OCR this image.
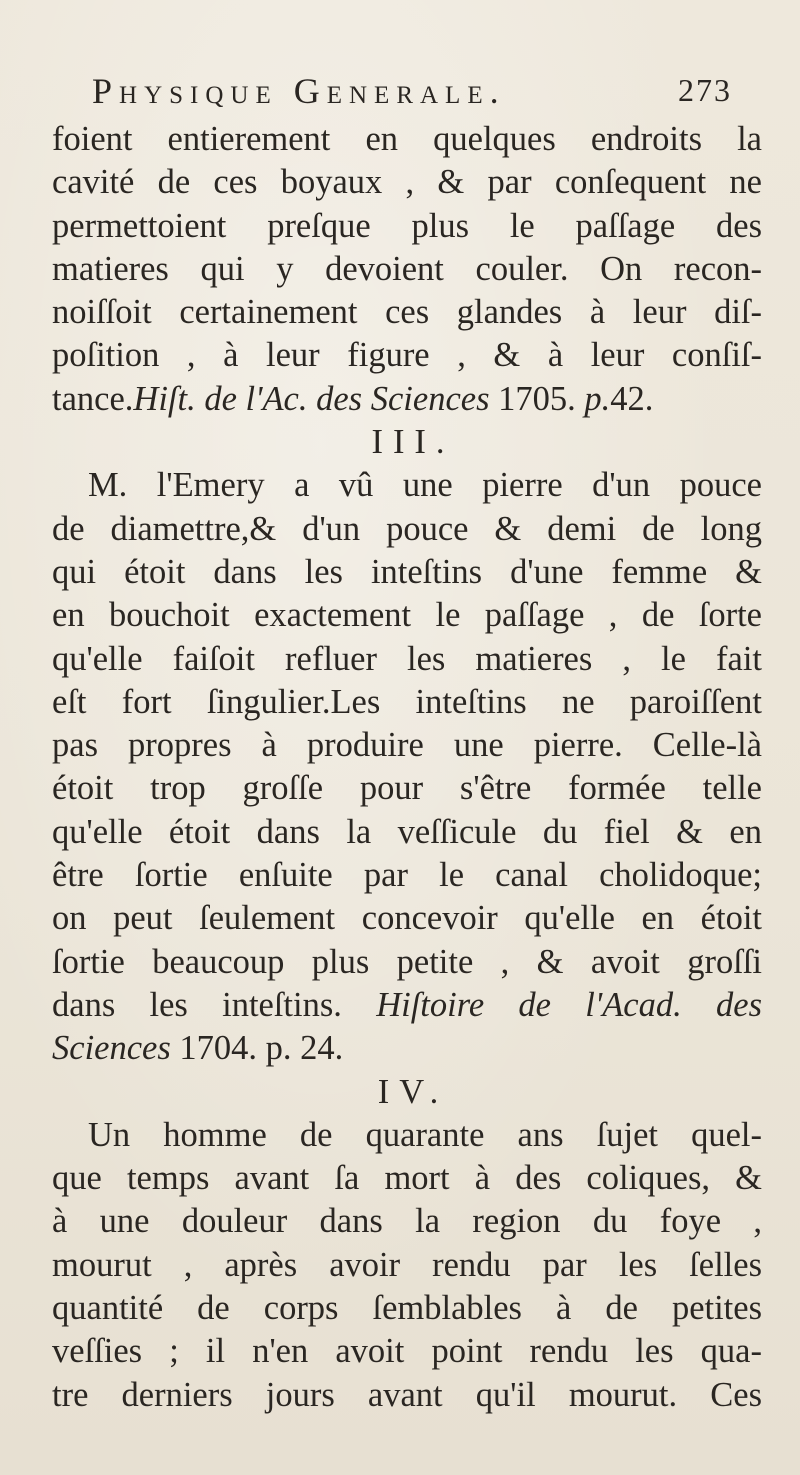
Physique Generale.	273
foient entierement en quelques endroits la
cavité de ces boyaux , & par conſequent ne
permettoient preſque plus le paſſage des
matieres qui y devoient couler. On recon-
noiſſoit certainement ces glandes à leur diſ-
poſition , à leur figure , & à leur conſiſ-
tance.Hiſt. de l'Ac. des Sciences 1705. p.42.
III.
M. l'Emery a vû une pierre d'un pouce
de diamettre,& d'un pouce & demi de long
qui étoit dans les inteſtins d'une femme &
en bouchoit exactement le paſſage , de ſorte
qu'elle faiſoit refluer les matieres , le fait
eſt fort ſingulier.Les inteſtins ne paroiſſent
pas propres à produire une pierre. Celle-là
étoit trop groſſe pour s'être formée telle
qu'elle étoit dans la veſſicule du fiel & en
être ſortie enſuite par le canal cholidoque;
on peut ſeulement concevoir qu'elle en étoit
ſortie beaucoup plus petite , & avoit groſſi
dans les inteſtins. Hiſtoire de l'Acad. des
Sciences 1704. p. 24.
IV.
Un homme de quarante ans ſujet quel-
que temps avant ſa mort à des coliques, &
à une douleur dans la region du foye ,
mourut , après avoir rendu par les ſelles
quantité de corps ſemblables à de petites
veſſies ; il n'en avoit point rendu les qua-
tre derniers jours avant qu'il mourut. Ces
